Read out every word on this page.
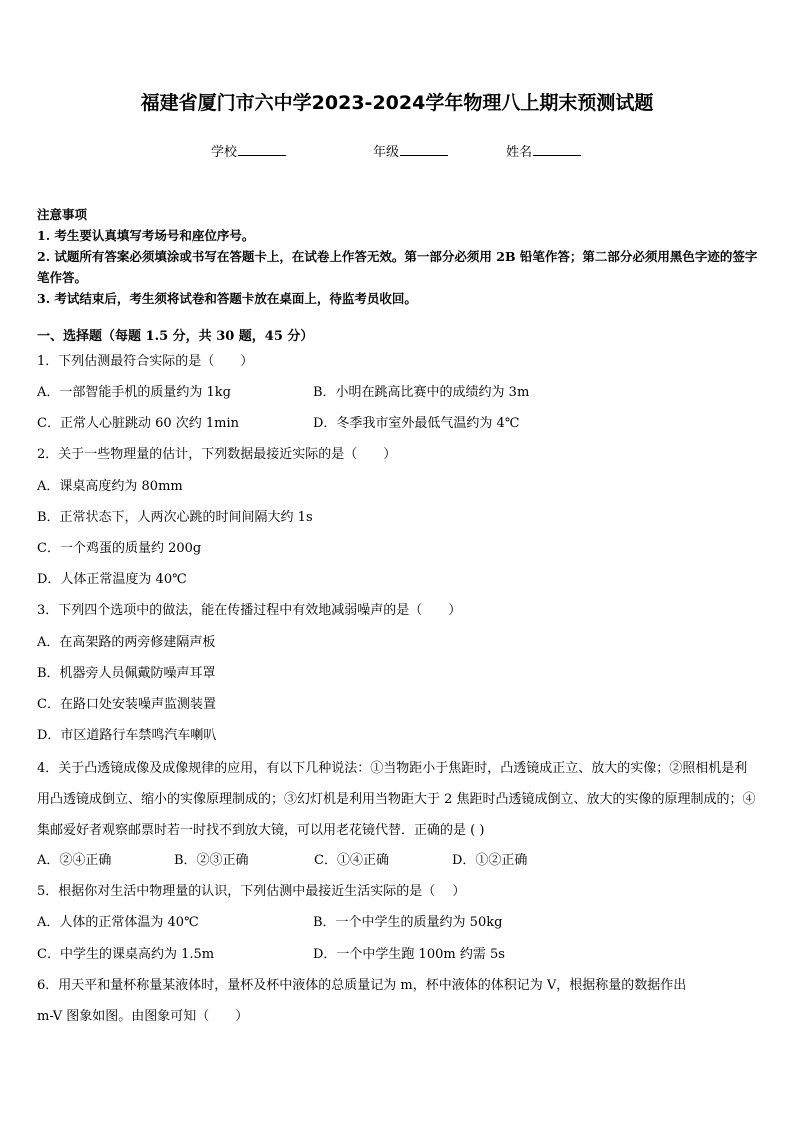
福建省厦门市六中学2023-2024学年物理八上期末预测试题
学校	年级	姓名

注意事项

1. 考生要认真填写考场号和座位序号。

2. 试题所有答案必须填涂或书写在答题卡上，在试卷上作答无效。第一部分必须用 2B 铅笔作答；第二部分必须用黑色字迹的签字笔作答。

3. 考试结束后，考生须将试卷和答题卡放在桌面上，待监考员收回。

一、选择题（每题 1.5 分，共 30 题，45 分）
1．下列估测最符合实际的是（　　）
A．一部智能手机的质量约为 1kg	B．小明在跳高比赛中的成绩约为 3m
C．正常人心脏跳动 60 次约 1min	D．冬季我市室外最低气温约为 4℃
2．关于一些物理量的估计，下列数据最接近实际的是（　　）
A．课桌高度约为 80mm
B．正常状态下，人两次心跳的时间间隔大约 1s
C．一个鸡蛋的质量约 200g
D．人体正常温度为 40℃
3．下列四个选项中的做法，能在传播过程中有效地减弱噪声的是（　　）
A．在高架路的两旁修建隔声板
B．机器旁人员佩戴防噪声耳罩
C．在路口处安装噪声监测装置
D．市区道路行车禁鸣汽车喇叭

4．关于凸透镜成像及成像规律的应用，有以下几种说法：①当物距小于焦距时，凸透镜成正立、放大的实像；②照相机是利用凸透镜成倒立、缩小的实像原理制成的；③幻灯机是利用当物距大于 2 焦距时凸透镜成倒立、放大的实像的原理制成的；④集邮爱好者观察邮票时若一时找不到放大镜，可以用老花镜代替．正确的是 ( )

A．②④正确	B．②③正确	C．①④正确	D．①②正确
5．根据你对生活中物理量的认识，下列估测中最接近生活实际的是（　 ）
A．人体的正常体温为 40℃	B．一个中学生的质量约为 50kg
C．中学生的课桌高约为 1.5m	D．一个中学生跑 100m 约需 5s
6．用天平和量杯称量某液体时，量杯及杯中液体的总质量记为 m，杯中液体的体积记为 V，根据称量的数据作出
m-V 图象如图。由图象可知（　　）
